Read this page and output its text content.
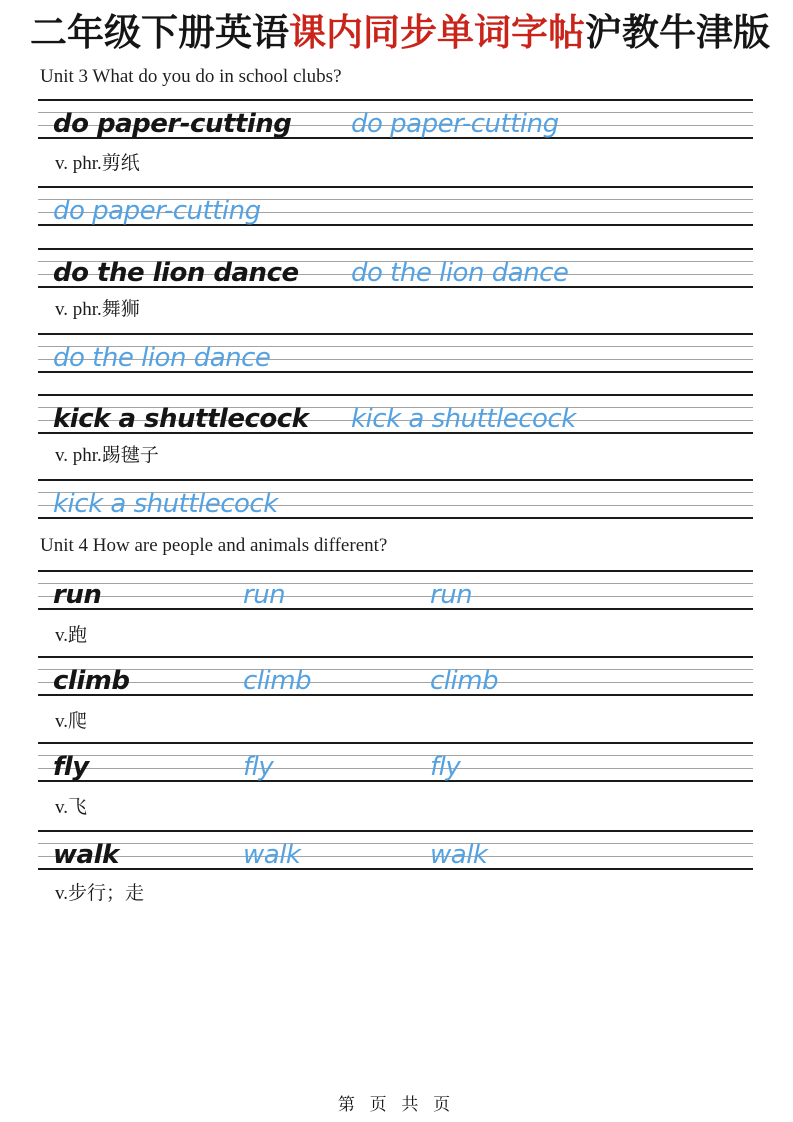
二年级下册英语课内同步单词字帖沪教牛津版
Unit 3 What do you do in school clubs?
do paper-cutting do paper-cutting
v. phr.剪纸
do paper-cutting
do the lion dance do the lion dance
v. phr.舞狮
do the lion dance
kick a shuttlecock kick a shuttlecock
v. phr.踢毽子
kick a shuttlecock
Unit 4 How are people and animals different?
run	run	run
v.跑
climb	climb	climb
v.爬
fly	fly	fly
v.飞
walk	walk	walk
v.步行；走
第 页 共 页
